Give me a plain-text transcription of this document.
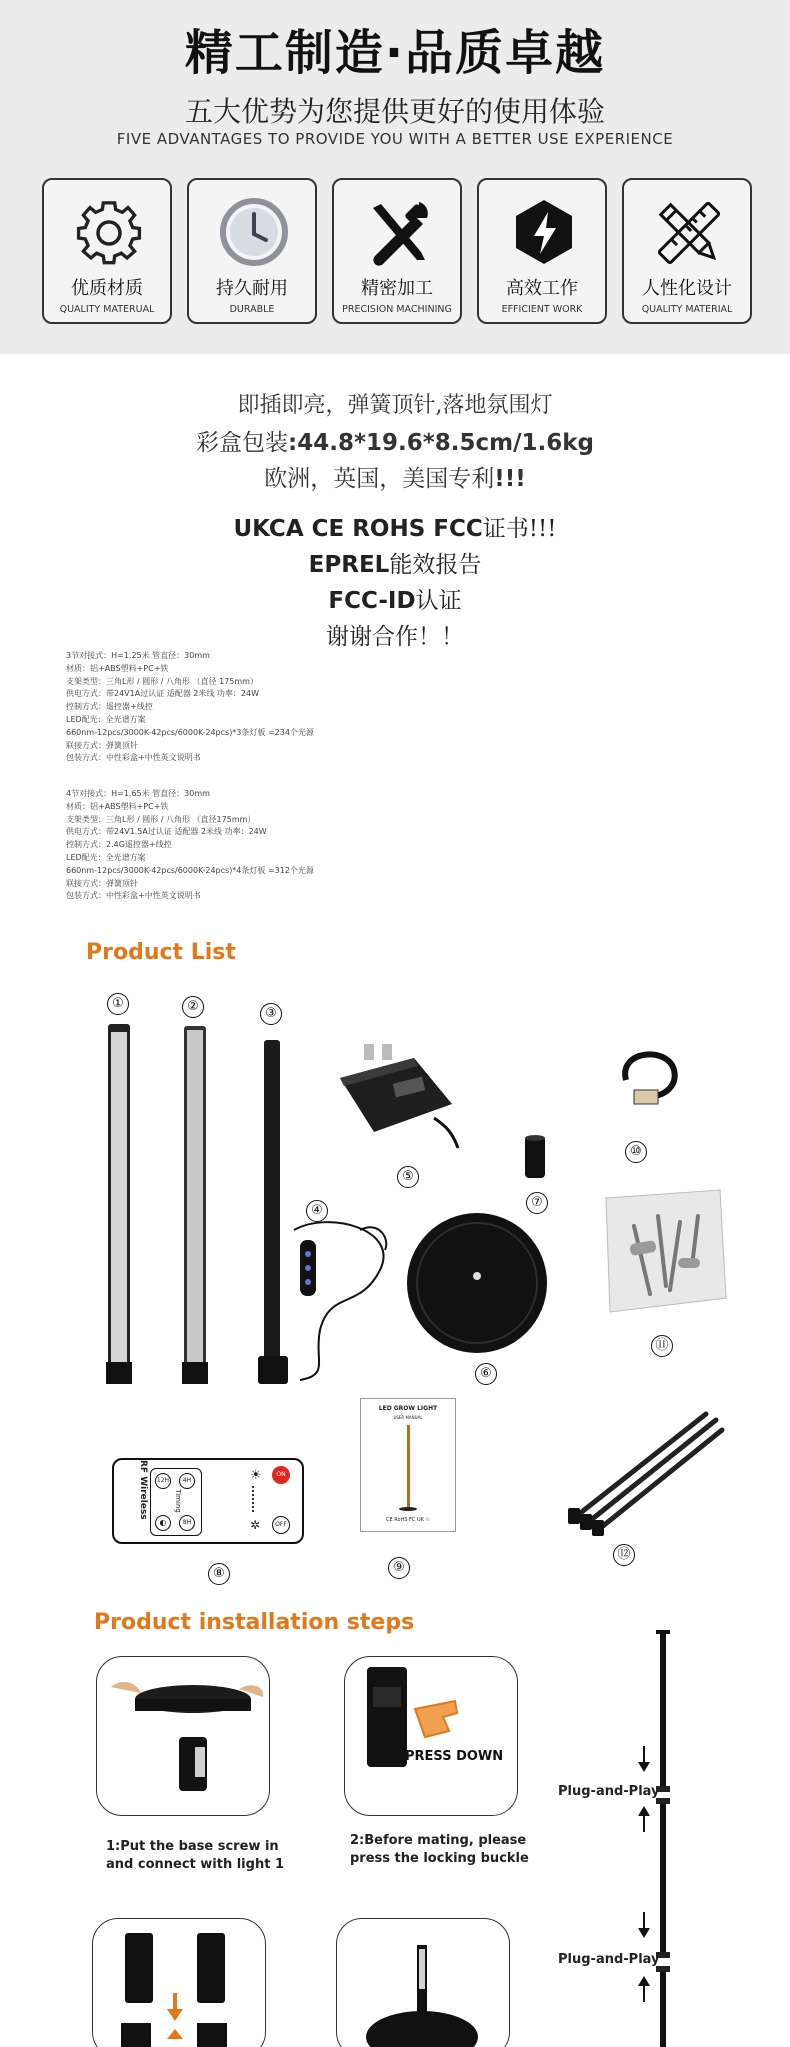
精工制造·品质卓越
五大优势为您提供更好的使用体验
FIVE ADVANTAGES TO PROVIDE YOU WITH A BETTER USE EXPERIENCE
优质材质
QUALITY MATERUAL
持久耐用
DURABLE
精密加工
PRECISION MACHINING
高效工作
EFFICIENT WORK
人性化设计
QUALITY MATERIAL
即插即亮，弹簧顶针,落地氛围灯
彩盒包装:44.8*19.6*8.5cm/1.6kg
欧洲，英国，美国专利!!!
UKCA CE ROHS FCC证书!!!
EPREL能效报告
FCC-ID认证
谢谢合作！！
3节对接式：H=1.25米 管直径：30mm
材质：铝+ABS塑料+PC+铁
支架类型：三角L形 / 圆形 / 八角形 （直径 175mm）
供电方式：带24V1A过认证 适配器 2米线 功率：24W
控制方式：遥控器+线控
LED配光：全光谱方案
660nm-12pcs/3000K-42pcs/6000K-24pcs)*3条灯板 =234个光源
联接方式：弹簧顶针
包装方式：中性彩盒+中性英文说明书
4节对接式：H=1.65米 管直径：30mm
材质：铝+ABS塑料+PC+铁
支架类型：三角L形 / 圆形 / 八角形 （直径175mm）
供电方式：带24V1.5A过认证 适配器 2米线 功率：24W
控制方式：2.4G遥控器+线控
LED配光：全光谱方案
660nm-12pcs/3000K-42pcs/6000K-24pcs)*4条灯板 =312个光源
联接方式：弹簧顶针
包装方式：中性彩盒+中性英文说明书
Product List
①	②	③
④
⑤
⑥
⑦
⑧	⑨
⑩
⑪
⑫
RF Wireless	12H	4H
Timing
◐	8H
☀
✲
ON
OFF
LED GROW LIGHT
USER MANUAL
CE RoHS FC UK ♲
Product installation steps
PRESS DOWN
1:Put the base screw in
and connect with light 1
2:Before mating, please
press the locking buckle
Plug-and-Play
Plug-and-Play
